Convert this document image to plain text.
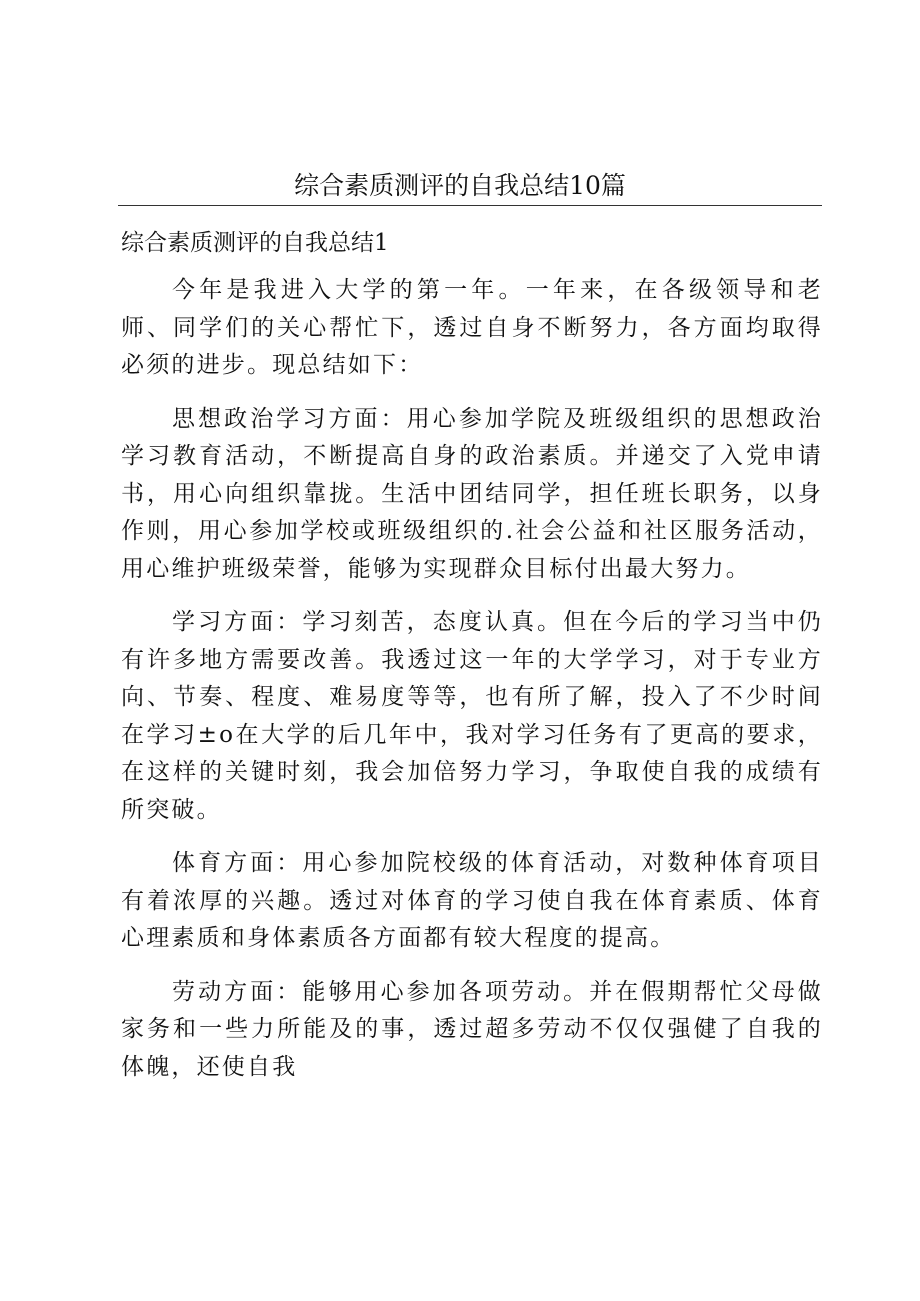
综合素质测评的自我总结10篇
综合素质测评的自我总结1

今年是我进入大学的第一年。一年来，在各级领导和老师、同学们的关心帮忙下，透过自身不断努力，各方面均取得必须的进步。现总结如下：

思想政治学习方面：用心参加学院及班级组织的思想政治学习教育活动，不断提高自身的政治素质。并递交了入党申请书，用心向组织靠拢。生活中团结同学，担任班长职务，以身作则，用心参加学校或班级组织的.社会公益和社区服务活动，用心维护班级荣誉，能够为实现群众目标付出最大努力。

学习方面：学习刻苦，态度认真。但在今后的学习当中仍有许多地方需要改善。我透过这一年的大学学习，对于专业方向、节奏、程度、难易度等等，也有所了解，投入了不少时间在学习±o在大学的后几年中，我对学习任务有了更高的要求，在这样的关键时刻，我会加倍努力学习，争取使自我的成绩有所突破。

体育方面：用心参加院校级的体育活动，对数种体育项目有着浓厚的兴趣。透过对体育的学习使自我在体育素质、体育心理素质和身体素质各方面都有较大程度的提高。

劳动方面：能够用心参加各项劳动。并在假期帮忙父母做家务和一些力所能及的事，透过超多劳动不仅仅强健了自我的体魄，还使自我
